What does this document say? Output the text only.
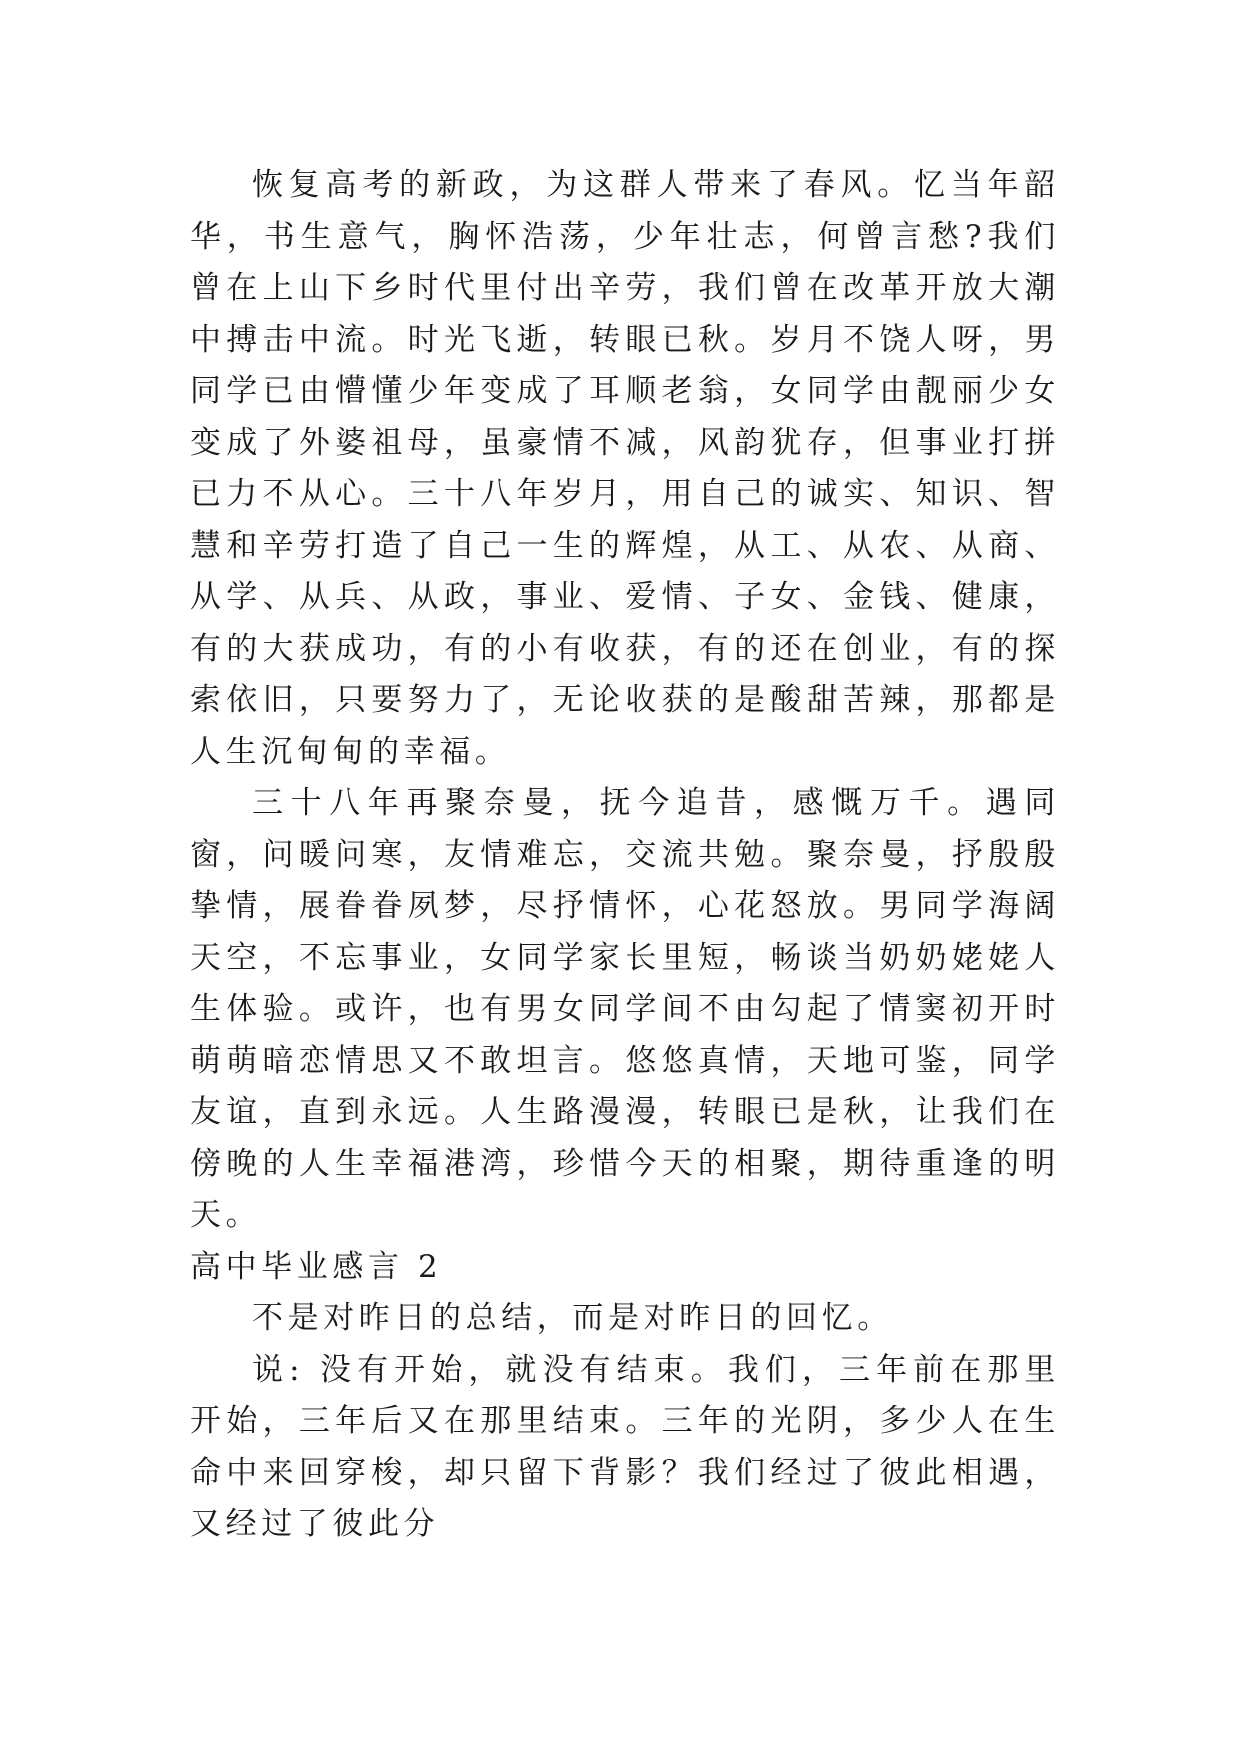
恢复高考的新政，为这群人带来了春风。忆当年韶华，书生意气，胸怀浩荡，少年壮志，何曾言愁?我们曾在上山下乡时代里付出辛劳，我们曾在改革开放大潮中搏击中流。时光飞逝，转眼已秋。岁月不饶人呀，男同学已由懵懂少年变成了耳顺老翁，女同学由靓丽少女变成了外婆祖母，虽豪情不减，风韵犹存，但事业打拼已力不从心。三十八年岁月，用自己的诚实、知识、智慧和辛劳打造了自己一生的辉煌，从工、从农、从商、从学、从兵、从政，事业、爱情、子女、金钱、健康，有的大获成功，有的小有收获，有的还在创业，有的探索依旧，只要努力了，无论收获的是酸甜苦辣，那都是人生沉甸甸的幸福。

三十八年再聚奈曼，抚今追昔，感慨万千。遇同窗，问暖问寒，友情难忘，交流共勉。聚奈曼，抒殷殷挚情，展眷眷夙梦，尽抒情怀，心花怒放。男同学海阔天空，不忘事业，女同学家长里短，畅谈当奶奶姥姥人生体验。或许，也有男女同学间不由勾起了情窦初开时萌萌暗恋情思又不敢坦言。悠悠真情，天地可鉴，同学友谊，直到永远。人生路漫漫，转眼已是秋，让我们在傍晚的人生幸福港湾，珍惜今天的相聚，期待重逢的明天。

高中毕业感言 2

不是对昨日的总结，而是对昨日的回忆。

说: 没有开始，就没有结束。我们，三年前在那里开始，三年后又在那里结束。三年的光阴，多少人在生命中来回穿梭，却只留下背影？我们经过了彼此相遇，又经过了彼此分
